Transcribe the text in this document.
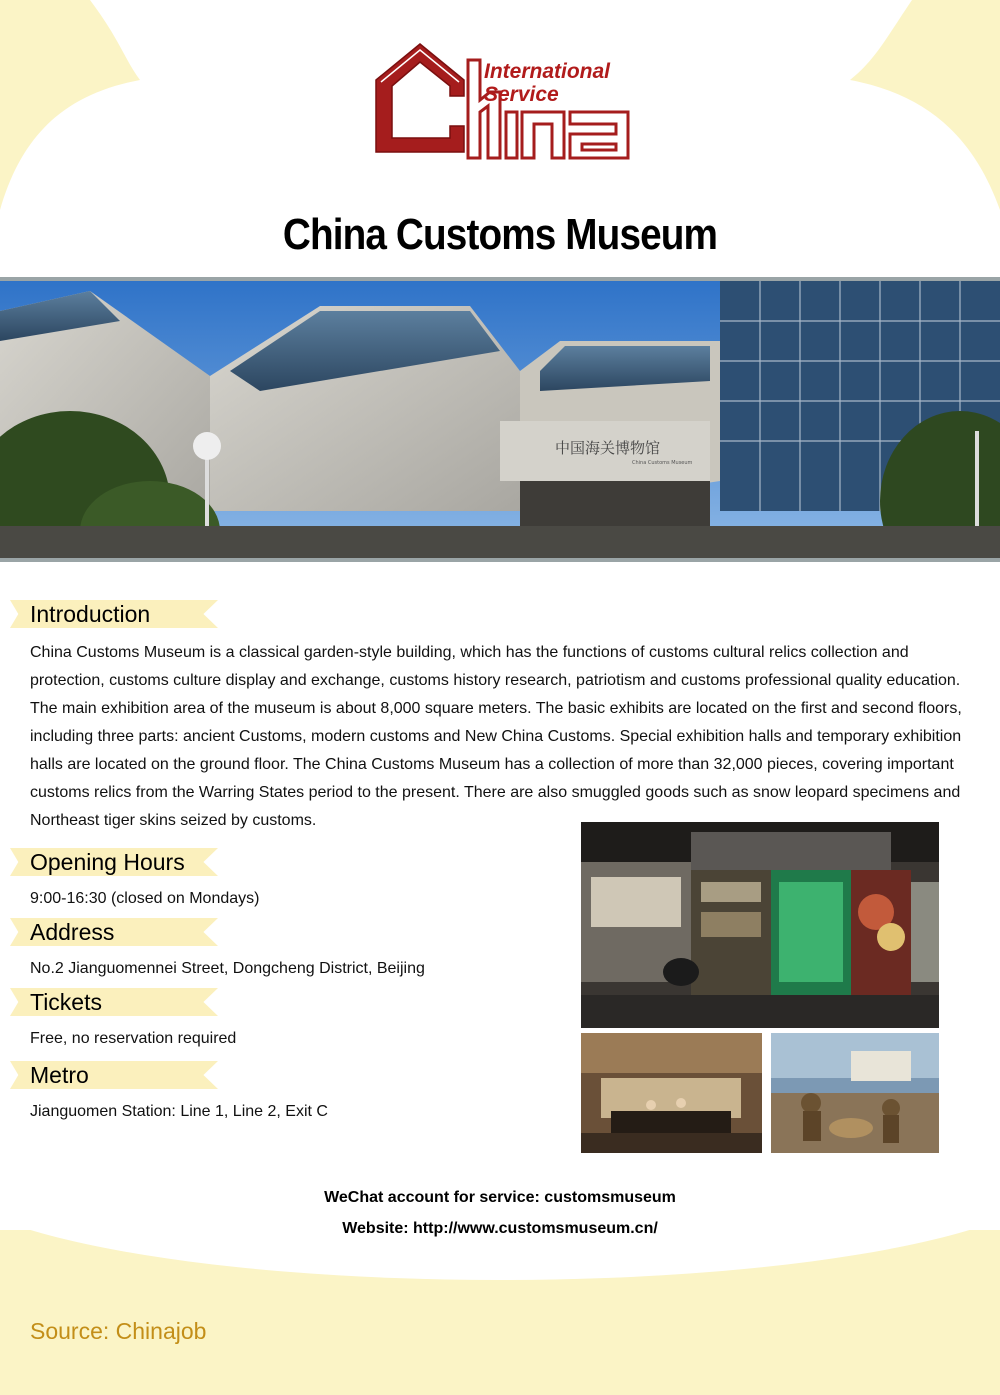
International
Service
China Customs Museum
中国海关博物馆
China Customs Museum
Introduction
China Customs Museum is a classical garden-style building, which has the functions of customs cultural relics collection and protection, customs culture display and exchange, customs history research, patriotism and customs professional quality education. The main exhibition area of the museum is about 8,000 square meters. The basic exhibits are located on the first and second floors, including three parts: ancient Customs, modern customs and New China Customs. Special exhibition halls and temporary exhibition halls are located on the ground floor. The China Customs Museum has a collection of more than 32,000 pieces, covering important customs relics from the Warring States period to the present. There are also smuggled goods such as snow leopard specimens and Northeast tiger skins seized by customs.
Opening Hours
9:00-16:30 (closed on Mondays)
Address
No.2 Jianguomennei Street, Dongcheng District, Beijing
Tickets
Free, no reservation required
Metro
Jianguomen Station: Line 1, Line 2, Exit C
WeChat account for service: customsmuseum
Website: http://www.customsmuseum.cn/
Source: Chinajob
